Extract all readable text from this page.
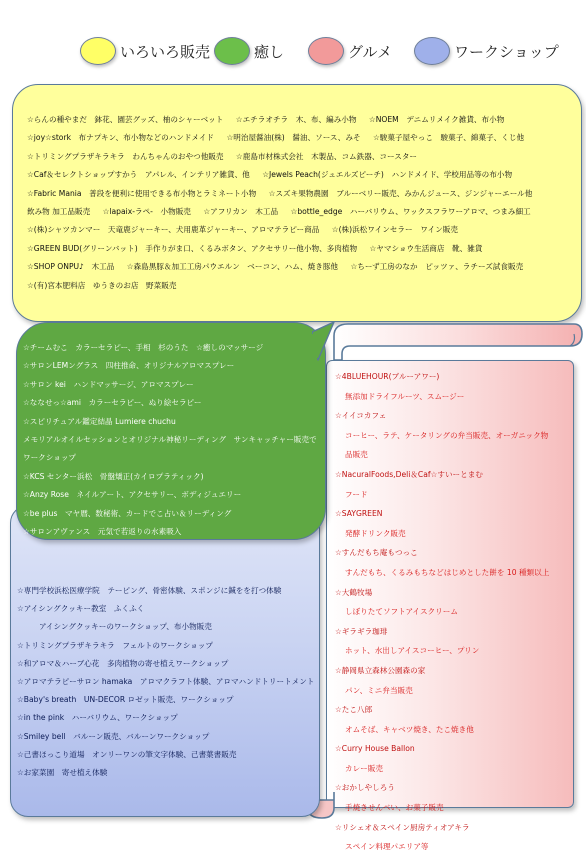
いろいろ販売	癒し	グルメ	ワークショップ
☆らんの種やまだ　鉢花、園芸グッズ、柚のシャーベット ☆エチラオチラ　木、布、編み小物 ☆NOEM　デニムリメイク雑貨、布小物
☆joy☆stork　布ナプキン、布小物などのハンドメイド ☆明治屋醤油(株)　醤油、ソース、みそ ☆駿菓子屋やっこ　駿菓子、綿菓子、くじ他
☆トリミングプラザキラキラ　わんちゃんのおやつ他販売 ☆鹿島市材株式会社　木製品、コム鉄器、コースター
☆Caf＆セレクトショップすかう　アパレル、インテリア雑貨、他 ☆Jewels Peach(ジュエルズピーチ)　ハンドメイド、学校用品等の布小物
☆Fabric Mania　普段を便利に使用できる布小物とラミネート小物 ☆スズキ果物農園　ブルーベリー販売、みかんジュース、ジンジャーエール他
飲み物 加工品販売 ☆lapaix-ラペ-　小物販売 ☆アフリカン　木工品 ☆bottle_edge　ハーバリウム、ワックスフラワーアロマ、つまみ細工
☆(株)シャツカンマー　天竜鹿ジャーキー、犬用鹿革ジャーキー、アロマテラピー商品 ☆(株)浜松ワインセラー　ワイン販売
☆GREEN BUD(グリーンバット)　手作りがま口、くるみボタン、アクセサリー他小物、多肉植物 ☆ヤマショウ生活商店　靴、雑貨
☆SHOP ONPU♪　木工品 ☆森島黒豚＆加工工房パウエルン　ベーコン、ハム、焼き豚他 ☆ちーず工房のなか　ピッツァ、ラチーズ試食販売
☆(有)宮本肥料店　ゆうきのお店　野菜販売
☆4BLUEHOUR(ブルーアワー)
無添加ドライフルーツ、スムージー
☆イイコカフェ
コーヒー、ラテ、ケータリングの弁当販売、オーガニック物
品販売
☆NacuralFoods,Deli＆Caf☆すいーとまむ
フード
☆SAYGREEN
発酵ドリンク販売
☆すんだもち庵もつっこ
すんだもち、くるみもちなどはじめとした餅を 10 種類以上
☆大鶴牧場
しぼりたてソフトアイスクリーム
☆ギラギラ珈琲
ホット、水出しアイスコーヒー、プリン
☆静岡県立森林公園森の家
パン、ミニ弁当販売
☆たこ八郎
オムそば、キャベツ焼き、たこ焼き他
☆Curry House Ballon
カレー販売
☆おかしやしろう
手焼きせんべい、お菓子販売
☆リシェオ＆スペイン厨房ティオアキラ
スペイン料理パエリア等
☆専門学校浜松医療学院　テーピング、骨密体験、スポンジに鍼をを打つ体験
☆アイシングクッキー教室　ふくふく
アイシングクッキーのワークショップ、布小物販売
☆トリミングプラザキラキラ　フェルトのワークショップ
☆和アロマ＆ハーブ心花　多肉植物の寄せ植えワークショップ
☆アロマテラピーサロン hamaka　アロマクラフト体験、アロマハンドトリートメント
☆Baby's breath　UN-DECOR ロゼット販売、ワークショップ
☆in the pink　ハーバリウム、ワークショップ
☆Smiley bell　バルーン販売、バルーンワークショップ
☆己書ほっこり道場　オンリーワンの筆文字体験、己書葉書販売
☆お家菜園　寄せ植え体験
☆チームむこ　カラーセラピー、手相　杉のうた　☆癒しのマッサージ
☆サロンLEMングラス　四柱推命、オリジナルアロマスプレー
☆サロン kei　ハンドマッサージ、アロマスプレー
☆ななせっ☆ami　カラーセラピー、ぬり絵セラピー
☆スピリチュアル鑑定結晶 Lumiere chuchu
メモリアルオイルセッションとオリジナル神秘リーディング　サンキャッチャー販売で
ワークショップ
☆KCS センター浜松　骨盤矯正(カイロプラティック)
☆Anzy Rose　ネイルアート、アクセサリー、ボディジュエリー
☆be plus　マヤ暦、数秘術、カードでこ占い＆リーディング
☆サロンアヴァンス　元気で若返りの水素吸入
